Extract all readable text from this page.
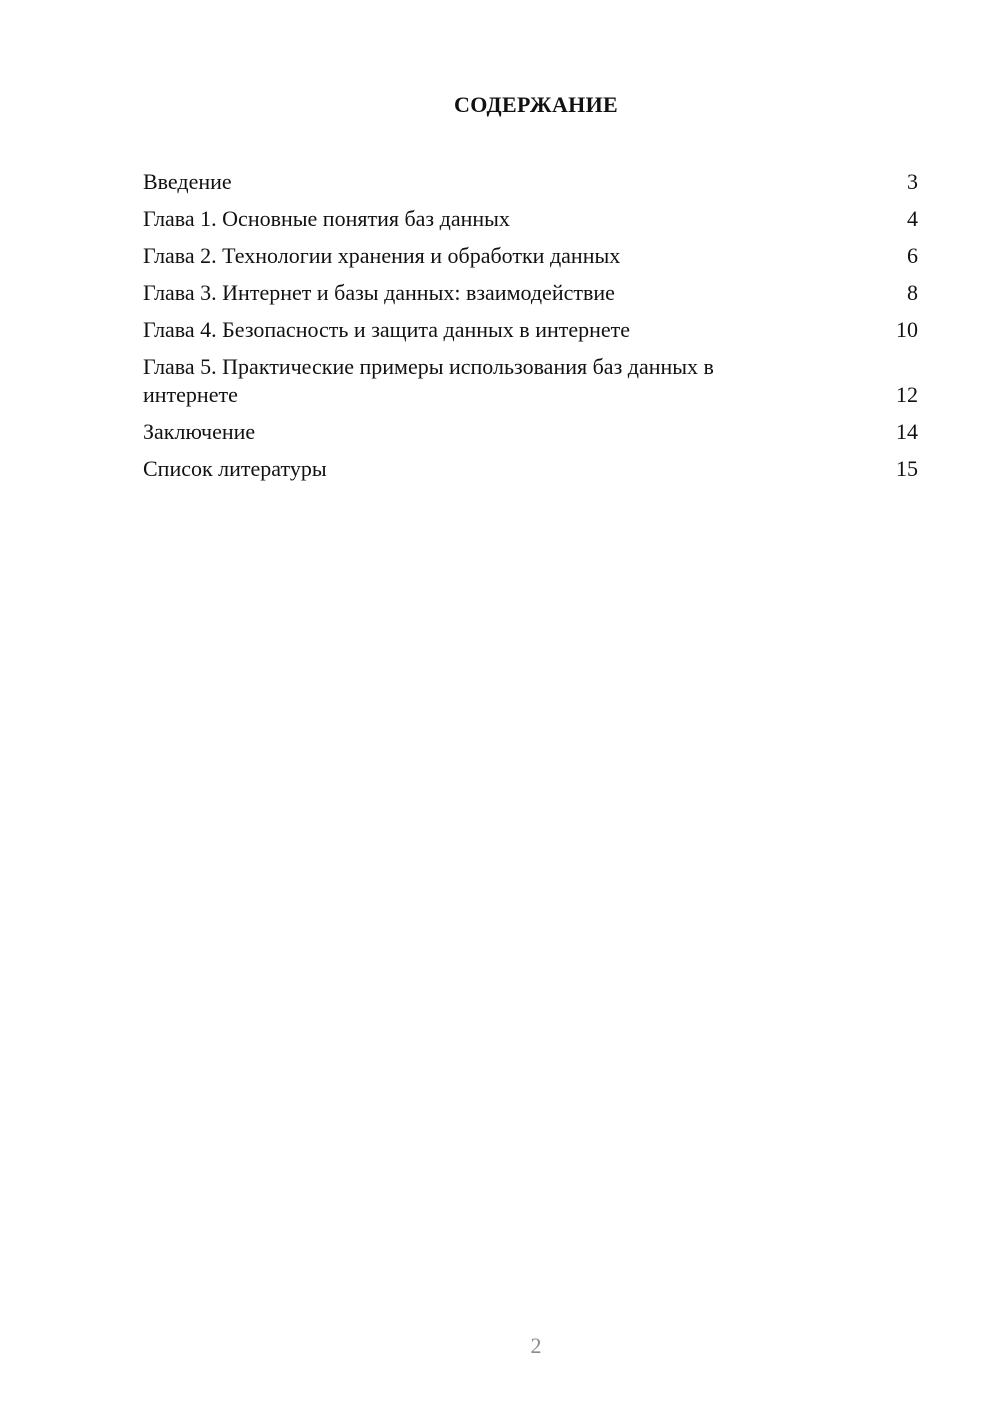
СОДЕРЖАНИЕ
Введение	3
Глава 1. Основные понятия баз данных	4
Глава 2. Технологии хранения и обработки данных	6
Глава 3. Интернет и базы данных: взаимодействие	8
Глава 4. Безопасность и защита данных в интернете	10
Глава 5. Практические примеры использования баз данных в интернете	12
Заключение	14
Список литературы	15
2
